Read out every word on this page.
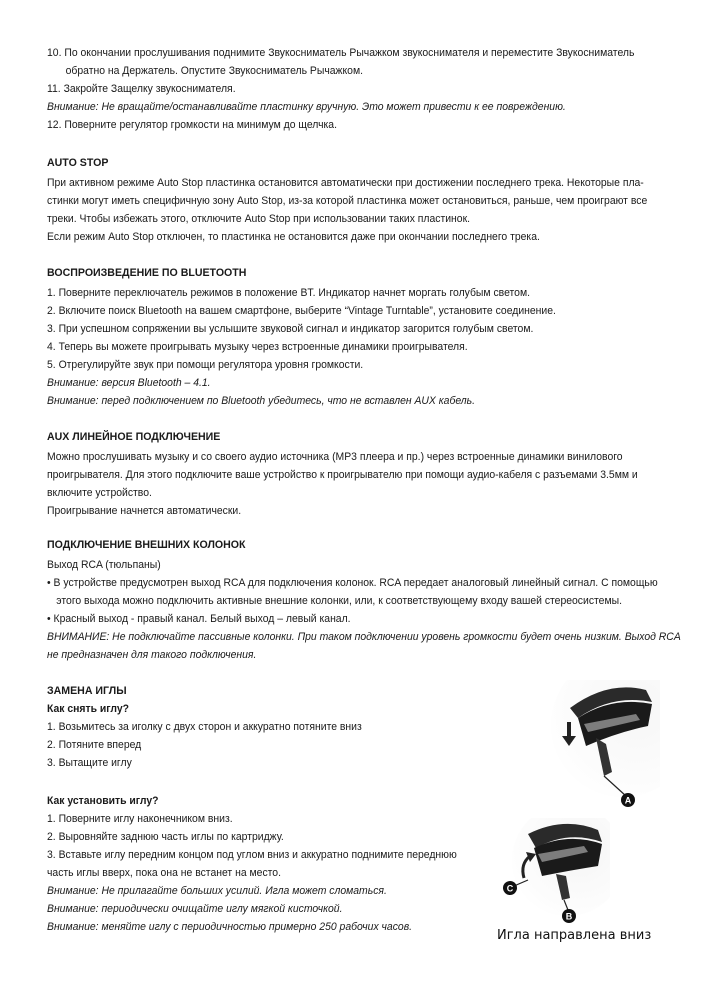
10. По окончании прослушивания поднимите Звукосниматель Рычажком звукоснимателя и переместите Звукосниматель

обратно на Держатель. Опустите Звукосниматель Рычажком.

11. Закройте Защелку звукоснимателя.

Внимание: Не вращайте/останавливайте пластинку вручную. Это может привести к ее повреждению.

12. Поверните регулятор громкости на минимум до щелчка.

AUTO STOP

При активном режиме Auto Stop пластинка остановится автоматически при достижении последнего трека. Некоторые пла-

стинки могут иметь специфичную зону Auto Stop, из-за которой пластинка может остановиться, раньше, чем проиграют все

треки. Чтобы избежать этого, отключите Auto Stop при использовании таких пластинок.

Если режим Auto Stop отключен, то пластинка не остановится даже при окончании последнего трека.

ВОСПРОИЗВЕДЕНИЕ ПО BLUETOOTH

1. Поверните переключатель режимов в положение BT. Индикатор начнет моргать голубым светом.

2. Включите поиск Bluetooth на вашем смартфоне, выберите “Vintage Turntable”, установите соединение.

3. При успешном сопряжении вы услышите звуковой сигнал и индикатор загорится голубым светом.

4. Теперь вы можете проигрывать музыку через встроенные динамики проигрывателя.

5. Отрегулируйте звук при помощи регулятора уровня громкости.

Внимание: версия Bluetooth – 4.1.

Внимание: перед подключением по Bluetooth убедитесь, что не вставлен AUX кабель.

AUX ЛИНЕЙНОЕ ПОДКЛЮЧЕНИЕ

Можно прослушивать музыку и со своего аудио источника (MP3 плеера и пр.) через встроенные динамики винилового

проигрывателя. Для этого подключите ваше устройство к проигрывателю при помощи аудио-кабеля с разъемами 3.5мм и

включите устройство.

Проигрывание начнется автоматически.

ПОДКЛЮЧЕНИЕ ВНЕШНИХ КОЛОНОК

Выход RCA (тюльпаны)

• В устройстве предусмотрен выход RCA для подключения колонок. RCA передает аналоговый линейный сигнал. С помощью

этого выхода можно подключить активные внешние колонки, или, к соответствующему входу вашей стереосистемы.

• Красный выход - правый канал. Белый выход – левый канал.

ВНИМАНИЕ: Не подключайте пассивные колонки. При таком подключении уровень громкости будет очень низким. Выход RCA

не предназначен для такого подключения.

ЗАМЕНА ИГЛЫ
Как снять иглу?

1. Возьмитесь за иголку с двух сторон и аккуратно потяните вниз

2. Потяните вперед

3. Вытащите иглу

Как установить иглу?

1. Поверните иглу наконечником вниз.

2. Выровняйте заднюю часть иглы по картриджу.

3. Вставьте иглу передним концом под углом вниз и аккуратно поднимите переднюю

часть иглы вверх, пока она не встанет на место.

Внимание: Не прилагайте больших усилий. Игла может сломаться.

Внимание: периодически очищайте иглу мягкой кисточкой.

Внимание: меняйте иглу с периодичностью примерно 250 рабочих часов.

A
C
B
Игла направлена вниз
